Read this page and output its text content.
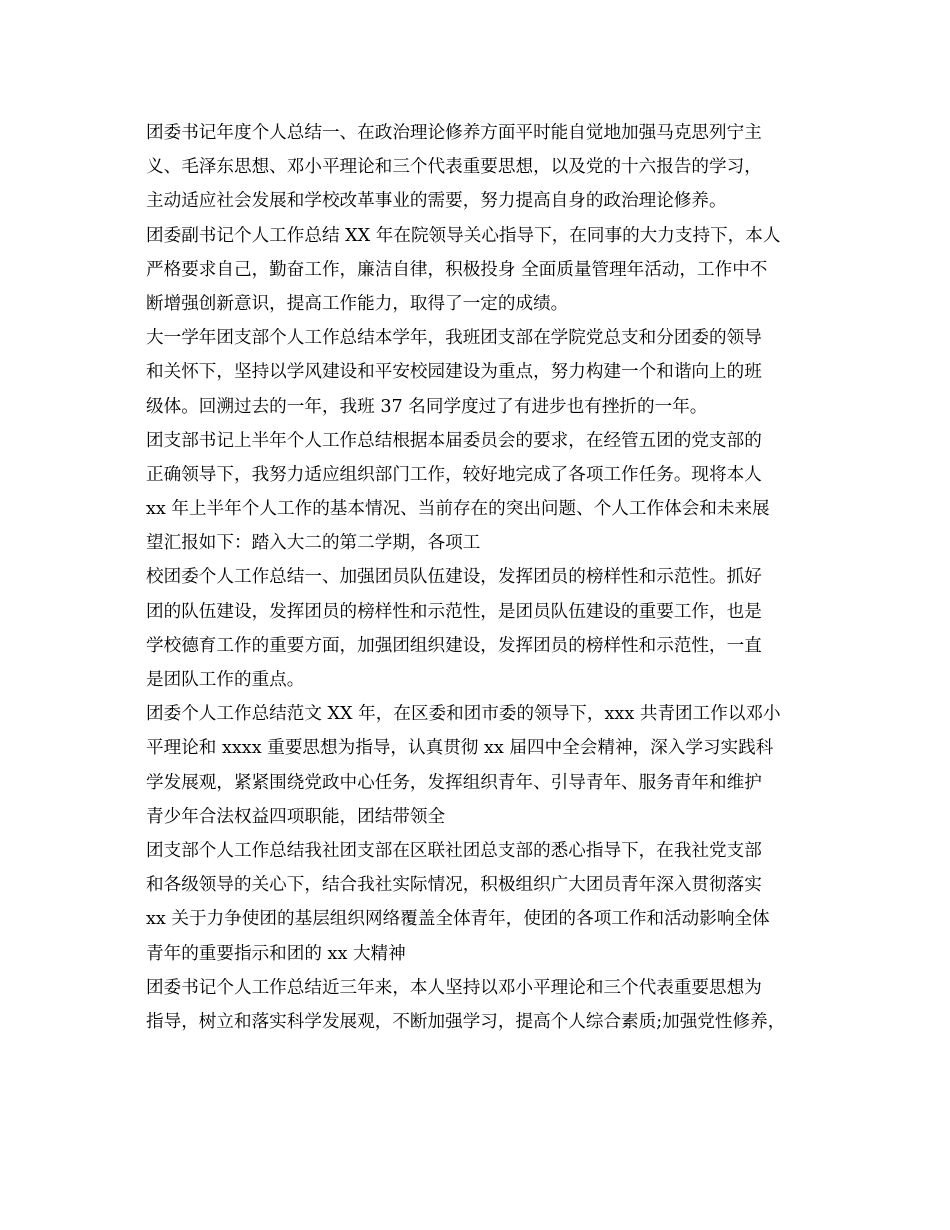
团委书记年度个人总结一、在政治理论修养方面平时能自觉地加强马克思列宁主
义、毛泽东思想、邓小平理论和三个代表重要思想，以及党的十六报告的学习，
主动适应社会发展和学校改革事业的需要，努力提高自身的政治理论修养。
团委副书记个人工作总结 XX 年在院领导关心指导下，在同事的大力支持下，本人
严格要求自己，勤奋工作，廉洁自律，积极投身 全面质量管理年活动，工作中不
断增强创新意识，提高工作能力，取得了一定的成绩。
大一学年团支部个人工作总结本学年，我班团支部在学院党总支和分团委的领导
和关怀下，坚持以学风建设和平安校园建设为重点，努力构建一个和谐向上的班
级体。回溯过去的一年，我班 37 名同学度过了有进步也有挫折的一年。
团支部书记上半年个人工作总结根据本届委员会的要求，在经管五团的党支部的
正确领导下，我努力适应组织部门工作，较好地完成了各项工作任务。现将本人
xx 年上半年个人工作的基本情况、当前存在的突出问题、个人工作体会和未来展
望汇报如下：踏入大二的第二学期，各项工
校团委个人工作总结一、加强团员队伍建设，发挥团员的榜样性和示范性。抓好
团的队伍建设，发挥团员的榜样性和示范性，是团员队伍建设的重要工作，也是
学校德育工作的重要方面，加强团组织建设，发挥团员的榜样性和示范性，一直
是团队工作的重点。
团委个人工作总结范文 XX 年，在区委和团市委的领导下，xxx 共青团工作以邓小
平理论和 xxxx 重要思想为指导，认真贯彻 xx 届四中全会精神，深入学习实践科
学发展观，紧紧围绕党政中心任务，发挥组织青年、引导青年、服务青年和维护
青少年合法权益四项职能，团结带领全
团支部个人工作总结我社团支部在区联社团总支部的悉心指导下，在我社党支部
和各级领导的关心下，结合我社实际情况，积极组织广大团员青年深入贯彻落实
xx 关于力争使团的基层组织网络覆盖全体青年，使团的各项工作和活动影响全体
青年的重要指示和团的 xx 大精神
团委书记个人工作总结近三年来，本人坚持以邓小平理论和三个代表重要思想为
指导，树立和落实科学发展观，不断加强学习，提高个人综合素质;加强党性修养，
